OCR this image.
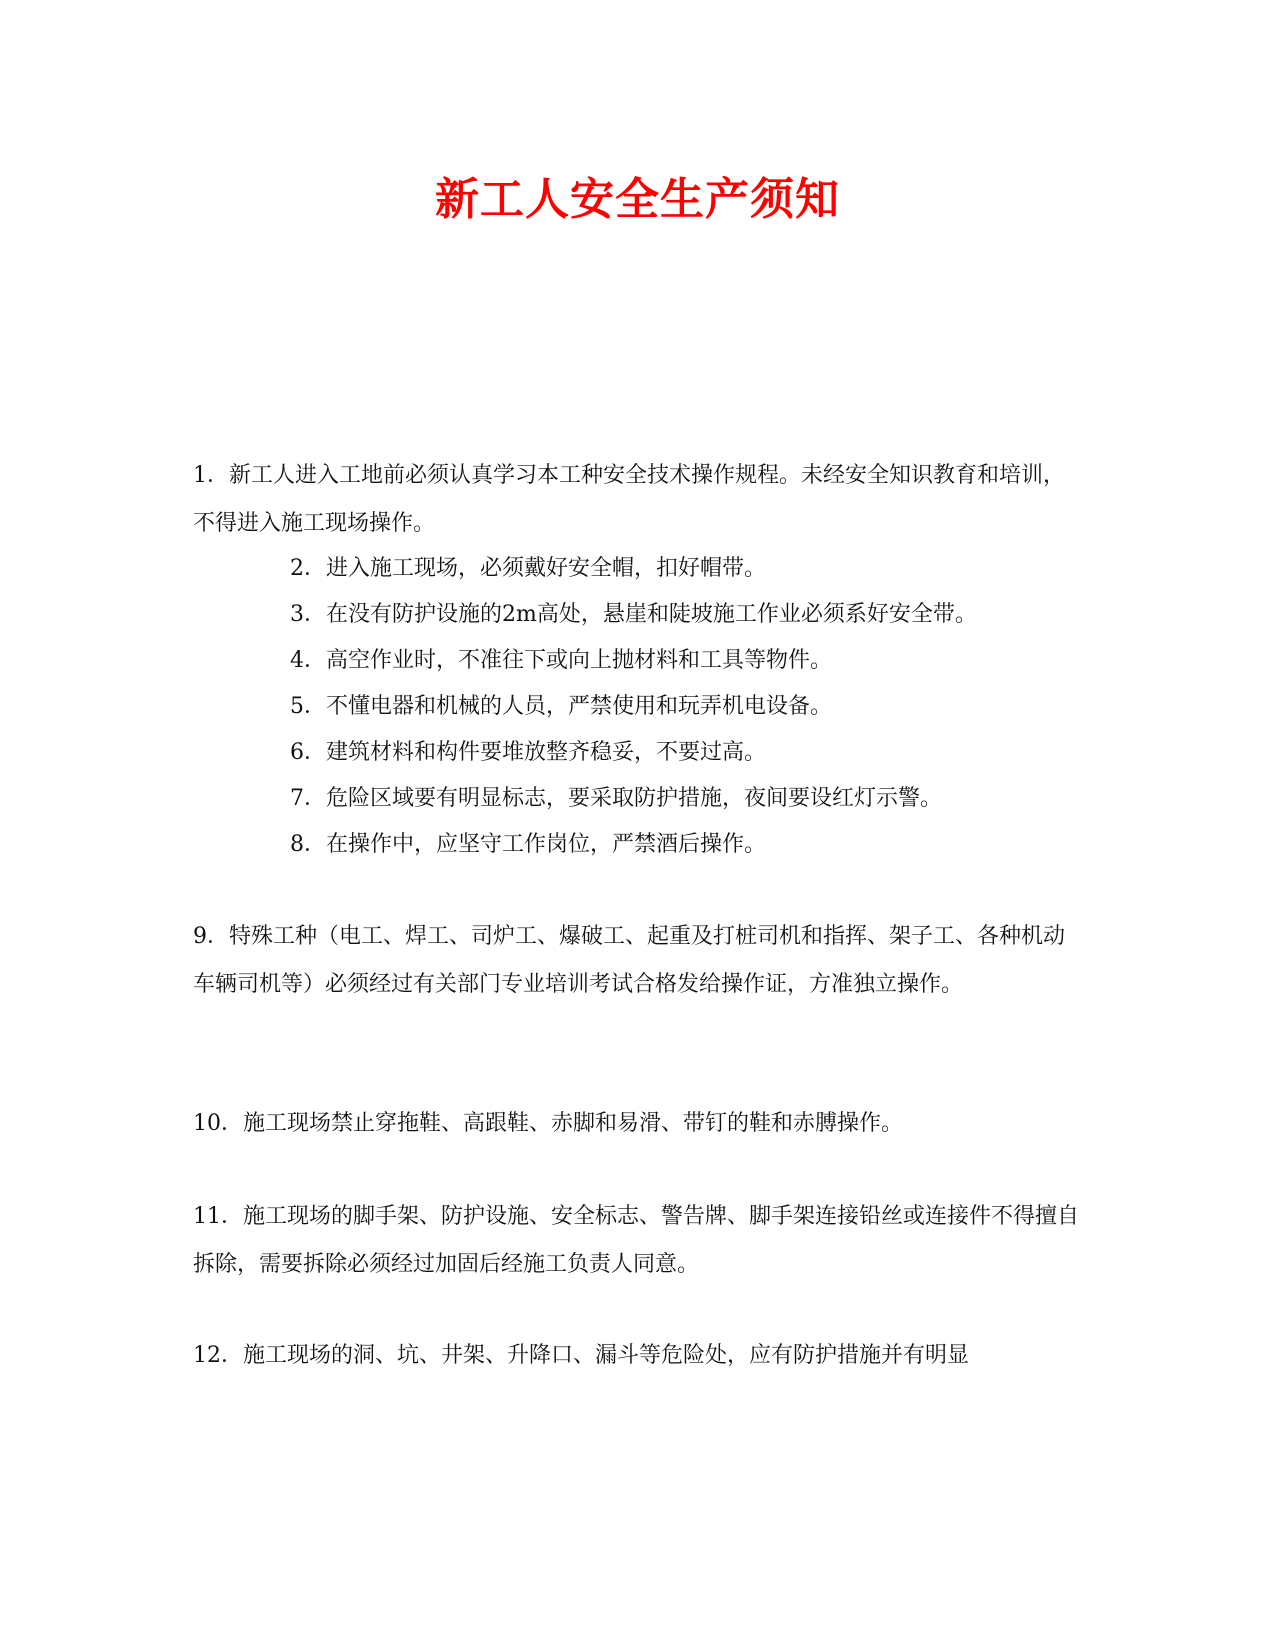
新工人安全生产须知

1．新工人进入工地前必须认真学习本工种安全技术操作规程。未经安全知识教育和培训，不得进入施工现场操作。

2．进入施工现场，必须戴好安全帽，扣好帽带。

3．在没有防护设施的2m高处，悬崖和陡坡施工作业必须系好安全带。

4．高空作业时，不准往下或向上抛材料和工具等物件。

5．不懂电器和机械的人员，严禁使用和玩弄机电设备。

6．建筑材料和构件要堆放整齐稳妥，不要过高。

7．危险区域要有明显标志，要采取防护措施，夜间要设红灯示警。

8．在操作中，应坚守工作岗位，严禁酒后操作。

9．特殊工种（电工、焊工、司炉工、爆破工、起重及打桩司机和指挥、架子工、各种机动车辆司机等）必须经过有关部门专业培训考试合格发给操作证，方准独立操作。

10．施工现场禁止穿拖鞋、高跟鞋、赤脚和易滑、带钉的鞋和赤膊操作。

11．施工现场的脚手架、防护设施、安全标志、警告牌、脚手架连接铅丝或连接件不得擅自拆除，需要拆除必须经过加固后经施工负责人同意。

12．施工现场的洞、坑、井架、升降口、漏斗等危险处，应有防护措施并有明显
